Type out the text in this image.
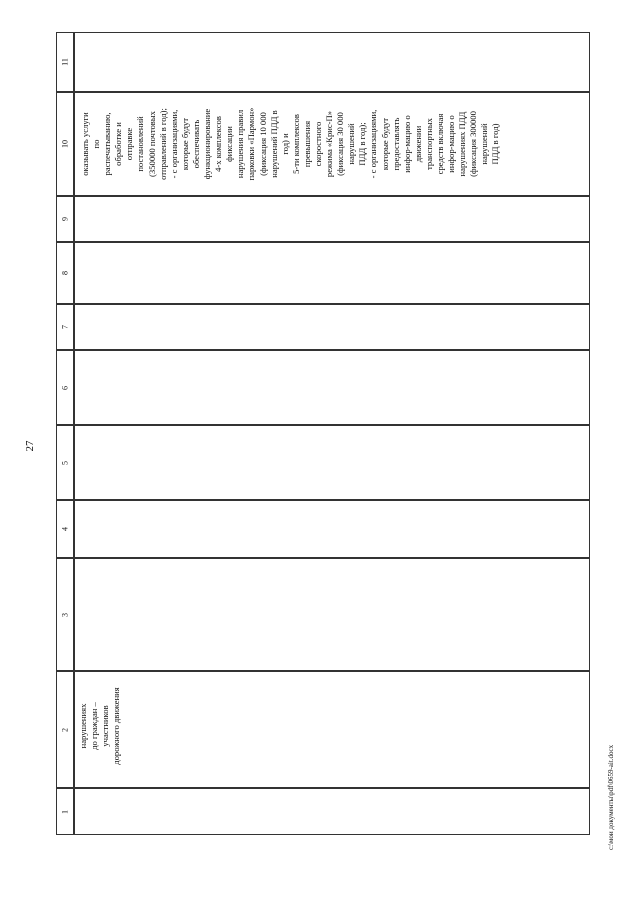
27
11
10
9
8
7
6
5
4
3
2
1
оказывать услуги
по
распечатыванию,
обработке и
отправке
постановлений
(350000 почтовых
отправлений в год);
- с организациями,
которые будут
обеспечивать
функционирование
4-х комплексов
фиксации
нарушения правил
парковки «Пармон»
(фиксация 10 000
нарушений ПДД в
год) и
5-ти комплексов
превышения
скоростного
режима «Крис-П»
(фиксация 30 000
нарушений
ПДД в год);
- с организациями,
которые будут
предоставлять
инфор-мацию о
движении
транспортных
средств включая
инфор-мацию о
нарушениях ПДД
(фиксация 300000
нарушений
ПДД в год)
нарушениях
до граждан –
участников
дорожного движения
c:\мои документы\pdf\0659-ait.docx
